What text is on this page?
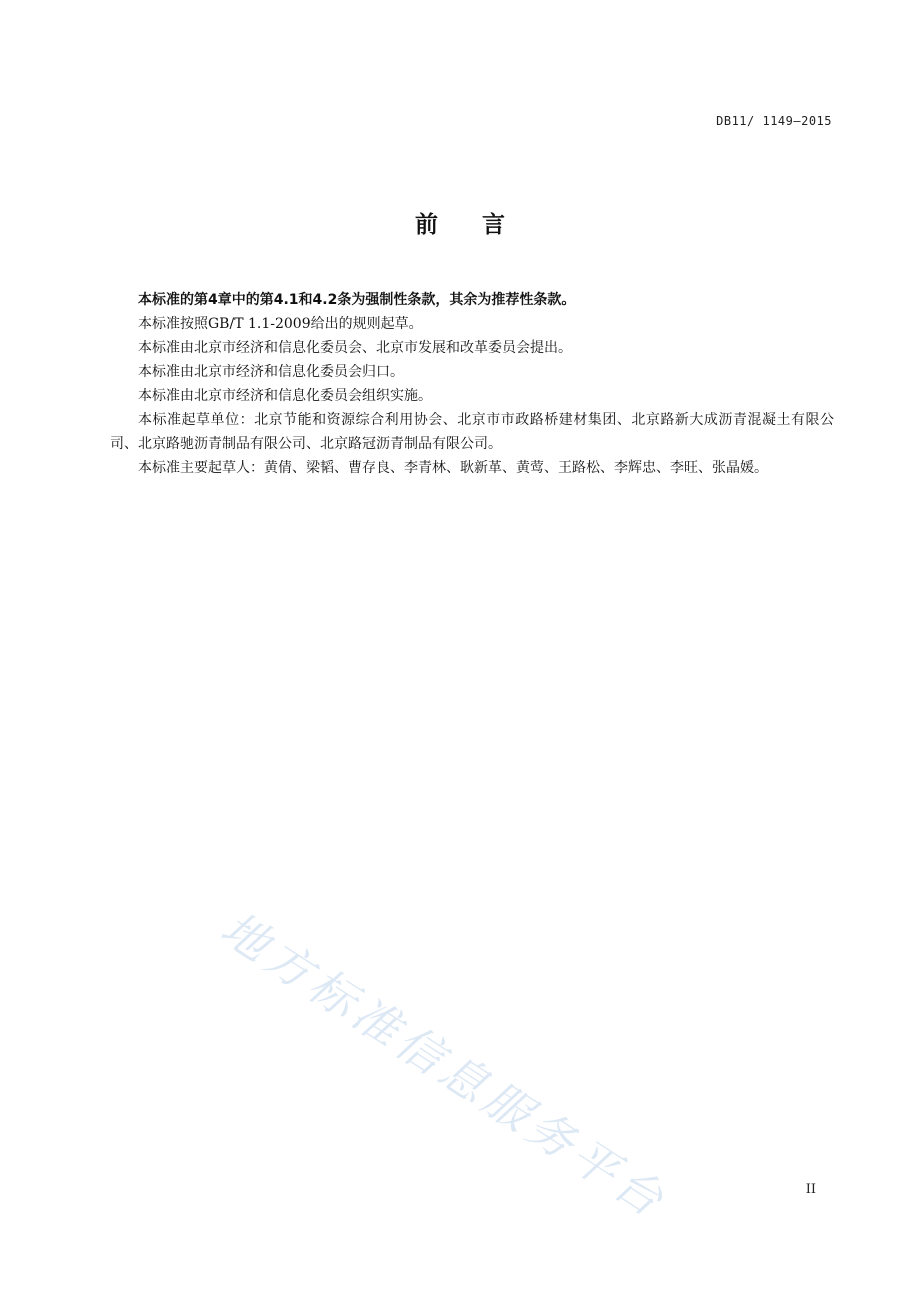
DB11/ 1149—2015
前 言

本标准的第4章中的第4.1和4.2条为强制性条款，其余为推荐性条款。

本标准按照GB/T 1.1-2009给出的规则起草。

本标准由北京市经济和信息化委员会、北京市发展和改革委员会提出。

本标准由北京市经济和信息化委员会归口。

本标准由北京市经济和信息化委员会组织实施。

本标准起草单位：北京节能和资源综合利用协会、北京市市政路桥建材集团、北京路新大成沥青混凝土有限公司、北京路驰沥青制品有限公司、北京路冠沥青制品有限公司。

本标准主要起草人：黄倩、梁韬、曹存良、李青林、耿新革、黄莺、王路松、李辉忠、李旺、张晶媛。

地方标准信息服务平台	II
